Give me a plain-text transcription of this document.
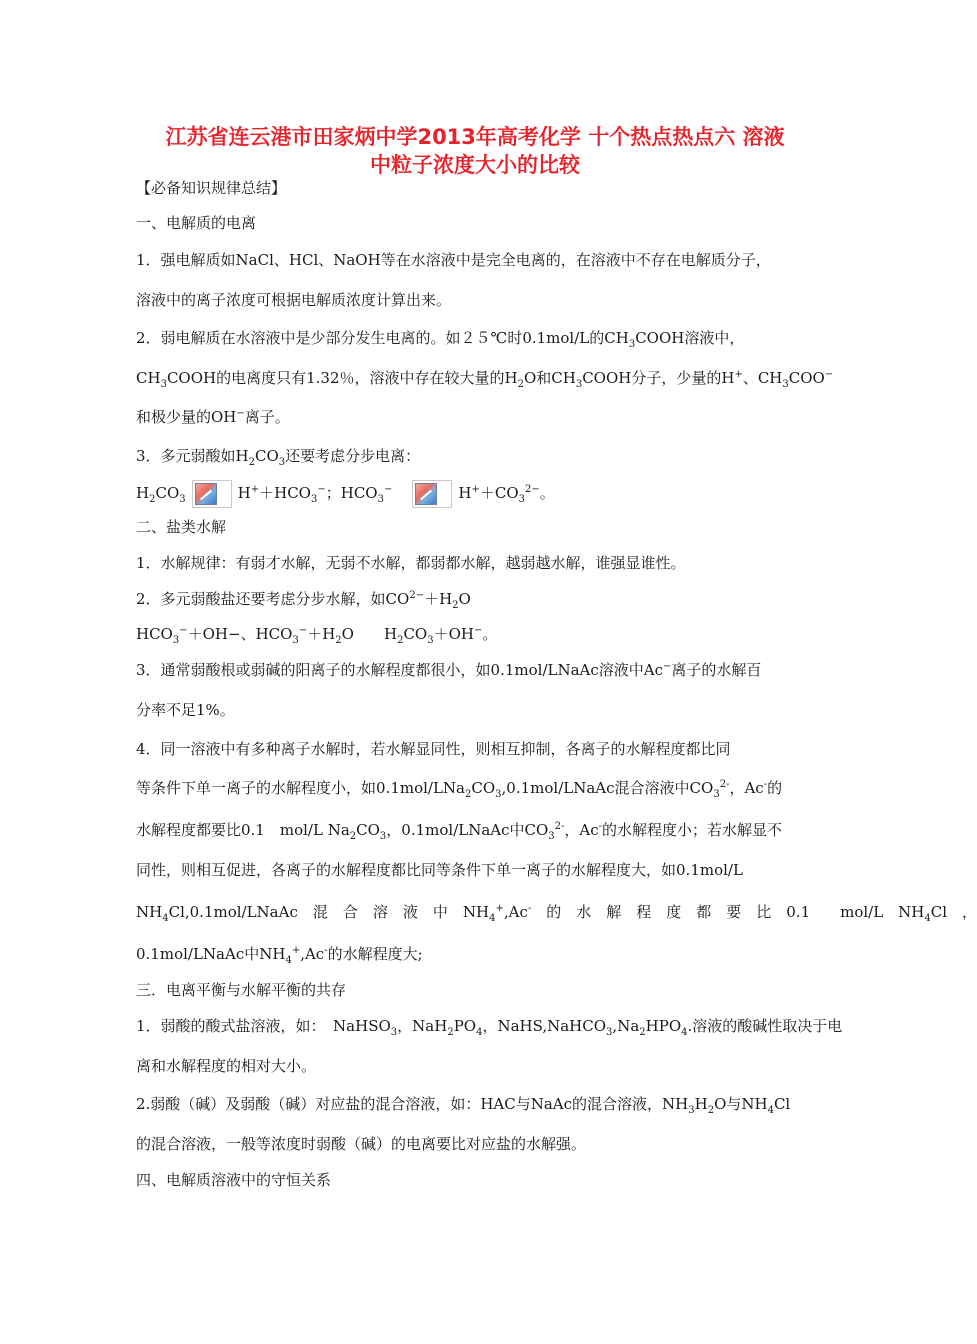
江苏省连云港市田家炳中学2013年高考化学 十个热点热点六 溶液
中粒子浓度大小的比较
【必备知识规律总结】
一、电解质的电离
1．强电解质如NaCl、HCl、NaOH等在水溶液中是完全电离的，在溶液中不存在电解质分子，
溶液中的离子浓度可根据电解质浓度计算出来。
2．弱电解质在水溶液中是少部分发生电离的。如２５℃时0.1mol/L的$CH_3COOH$溶液中，
$CH_3COOH$的电离度只有1.32％，溶液中存在较大量的$H_2O$和$CH_3COOH$分子，少量的H+、$CH_3COO^-$
和极少量的OH−离子。
3．多元弱酸如$H_2CO_3$还要考虑分步电离：
$H_2CO_3$	$H^++HCO_3^-$；$HCO_3^-$	$H^++CO_3^{2-}$。
二、盐类水解
1．水解规律：有弱才水解，无弱不水解，都弱都水解，越弱越水解，谁强显谁性。
2．多元弱酸盐还要考虑分步水解，如$CO^{2-}+H_2O$
$HCO_3^-+OH-$、$HCO_3^-+H_2O$　　$H_2CO_3+OH^-$。
3．通常弱酸根或弱碱的阳离子的水解程度都很小，如0.1mol/LNaAc溶液中Ac−离子的水解百
分率不足1%。
4．同一溶液中有多种离子水解时，若水解显同性，则相互抑制，各离子的水解程度都比同
等条件下单一离子的水解程度小，如$0.1mol/LNa_2CO_3,0.1mol$/LNaAc混合溶液中$CO_3^{2-}$，Ac-的
水解程度都要比0.1　mol/L $Na_2CO_3$，0.1mol/LNaAc中$CO_3^{2-}$，Ac-的水解程度小；若水解显不
同性，则相互促进，各离子的水解程度都比同等条件下单一离子的水解程度大，如0.1mol/L
$NH_4Cl,0.1mol$/LNaAc　混　合　溶　液　中　$NH_4^+,Ac^-$　的　水　解　程　度　都　要　比　0.1　　mol/L　$NH_4Cl$　，
0.1mol/LNaAc中$NH_4^+,Ac^-$的水解程度大;
三．电离平衡与水解平衡的共存
1．弱酸的酸式盐溶液，如：　NaHSO$_3$，$NaH_2PO_4$，$NaHS,NaHCO_3,Na_2HPO_4$.溶液的酸碱性取决于电
离和水解程度的相对大小。
2.弱酸（碱）及弱酸（碱）对应盐的混合溶液，如：HAC与NaAc的混合溶液，$NH_3H_2O$与$NH_4Cl$
的混合溶液，一般等浓度时弱酸（碱）的电离要比对应盐的水解强。
四、电解质溶液中的守恒关系
